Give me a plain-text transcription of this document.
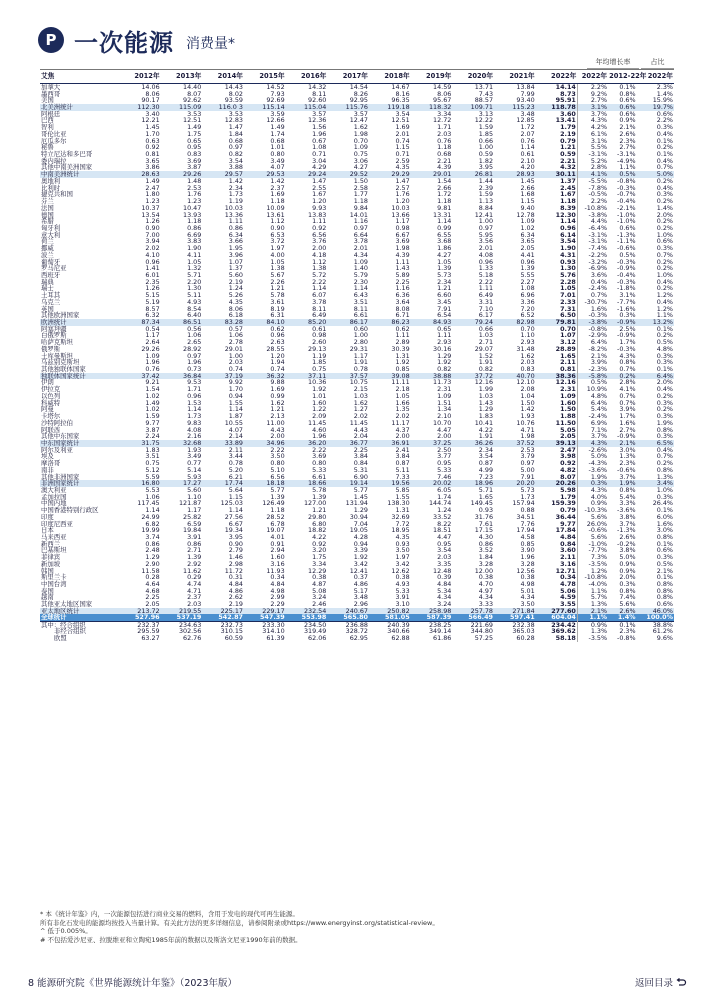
P 一次能源 消费量*
年均增长率	占比
艾焦	2012年	2013年	2014年	2015年	2016年	2017年	2018年	2019年	2020年	2021年	2022年	2022年	2012-22年	2022年
加拿大	14.06	14.40	14.43	14.52	14.32	14.54	14.67	14.59	13.71	13.84	14.14	2.2%	0.1%	2.3%
墨西哥	8.06	8.07	8.02	7.93	8.11	8.26	8.16	8.06	7.43	7.99	8.73	9.2%	0.8%	1.4%
美国	90.17	92.62	93.59	92.69	92.60	92.95	96.35	95.67	88.57	93.40	95.91	2.7%	0.6%	15.9%
北美洲统计	112.30	115.09	116.0 3	115.14	115.04	115.76	119.18	118.32	109.71	115.23	118.78	3.1%	0.6%	19.7%
阿根廷	3.40	3.53	3.53	3.59	3.57	3.57	3.54	3.34	3.13	3.48	3.60	3.7%	0.6%	0.6%
巴西	12.21	12.51	12.83	12.66	12.36	12.47	12.51	12.72	12.22	12.85	13.41	4.3%	0.9%	2.2%
智利	1.45	1.49	1.47	1.49	1.56	1.62	1.69	1.71	1.59	1.72	1.79	4.2%	2.1%	0.3%
哥伦比亚	1.70	1.75	1.84	1.74	1.96	1.98	2.01	2.03	1.85	2.07	2.19	6.1%	2.6%	0.4%
厄瓜多尔	0.63	0.65	0.68	0.68	0.67	0.70	0.74	0.76	0.66	0.76	0.79	3.1%	2.3%	0.1%
秘鲁	0.92	0.95	0.97	1.01	1.08	1.09	1.15	1.18	1.00	1.14	1.21	5.5%	2.7%	0.2%
特立尼达和多巴哥	0.81	0.83	0.82	0.80	0.71	0.75	0.71	0.68	0.59	0.61	0.59	-3.1%	-3.1%	0.1%
委内瑞拉	3.65	3.69	3.54	3.49	3.04	3.06	2.59	2.21	1.82	2.10	2.21	5.2%	-4.9%	0.4%
其他中南美洲国家	3.86	3.87	3.88	4.07	4.29	4.27	4.35	4.39	3.95	4.20	4.32	2.8%	1.1%	0.7%
中南美洲统计	28.63	29.26	29.57	29.53	29.24	29.52	29.29	29.01	26.81	28.93	30.11	4.1%	0.5%	5.0%
奥地利	1.49	1.48	1.42	1.42	1.47	1.50	1.47	1.54	1.44	1.45	1.37	-5.5%	-0.8%	0.2%
比利时	2.47	2.53	2.34	2.37	2.55	2.58	2.57	2.66	2.39	2.66	2.45	-7.8%	-0.3%	0.4%
捷克共和国	1.80	1.76	1.73	1.69	1.67	1.77	1.76	1.72	1.59	1.68	1.67	-0.5%	-0.7%	0.3%
芬兰	1.23	1.23	1.19	1.18	1.20	1.18	1.20	1.18	1.13	1.15	1.18	2.2%	-0.4%	0.2%
法国	10.37	10.47	10.03	10.09	9.93	9.84	10.03	9.81	8.84	9.40	8.39	-10.8%	-2.1%	1.4%
德国	13.54	13.93	13.36	13.61	13.83	14.01	13.66	13.31	12.41	12.78	12.30	-3.8%	-1.0%	2.0%
希腊	1.26	1.18	1.11	1.12	1.11	1.16	1.17	1.14	1.00	1.09	1.14	4.4%	-1.0%	0.2%
匈牙利	0.90	0.86	0.86	0.90	0.92	0.97	0.98	0.99	0.97	1.02	0.96	-6.4%	0.6%	0.2%
意大利	7.00	6.69	6.34	6.53	6.56	6.64	6.67	6.55	5.95	6.34	6.14	-3.1%	-1.3%	1.0%
荷兰	3.94	3.83	3.66	3.72	3.76	3.78	3.69	3.68	3.56	3.65	3.54	-3.1%	-1.1%	0.6%
挪威	2.02	1.90	1.95	1.97	2.00	2.01	1.98	1.86	2.01	2.05	1.90	-7.4%	-0.6%	0.3%
波兰	4.10	4.11	3.96	4.00	4.18	4.34	4.39	4.27	4.08	4.41	4.31	-2.2%	0.5%	0.7%
葡萄牙	0.96	1.05	1.07	1.05	1.12	1.09	1.11	1.05	0.96	0.96	0.93	-3.2%	-0.3%	0.2%
罗马尼亚	1.41	1.32	1.37	1.38	1.38	1.40	1.43	1.39	1.33	1.39	1.30	-6.9%	-0.9%	0.2%
西班牙	6.01	5.71	5.60	5.67	5.72	5.79	5.89	5.73	5.18	5.55	5.76	3.6%	-0.4%	1.0%
瑞典	2.35	2.20	2.19	2.26	2.22	2.30	2.25	2.34	2.22	2.27	2.28	0.4%	-0.3%	0.4%
瑞士	1.26	1.30	1.24	1.21	1.14	1.14	1.16	1.21	1.11	1.08	1.05	-2.4%	-1.8%	0.2%
土耳其	5.15	5.11	5.26	5.78	6.07	6.43	6.36	6.60	6.49	6.96	7.01	0.7%	3.1%	1.2%
乌克兰	5.19	4.93	4.35	3.61	3.78	3.51	3.64	3.45	3.31	3.36	2.33	-30.7%	-7.7%	0.4%
英国	8.57	8.54	8.06	8.19	8.11	8.11	8.08	7.91	7.10	7.20	7.31	1.6%	-1.6%	1.2%
其他欧洲国家	6.32	6.40	6.18	6.31	6.49	6.61	6.71	6.54	6.17	6.52	6.50	-0.3%	0.3%	1.1%
欧洲统计	87.34	86.51	83.28	84.10	85.20	86.17	86.23	84.93	79.24	82.98	79.81	-3.8%	-0.9%	13.2%
阿塞拜疆	0.54	0.56	0.57	0.62	0.61	0.60	0.62	0.65	0.66	0.70	0.70	-0.8%	2.5%	0.1%
白俄罗斯	1.17	1.06	1.06	0.96	0.98	1.00	1.11	1.11	1.03	1.10	1.07	-2.9%	-0.9%	0.2%
哈萨克斯坦	2.64	2.65	2.78	2.63	2.60	2.80	2.89	2.93	2.71	2.93	3.12	6.4%	1.7%	0.5%
俄罗斯	29.26	28.92	29.01	28.55	29.13	29.31	30.39	30.16	29.07	31.48	28.89	-8.2%	-0.3%	4.8%
土库曼斯坦	1.09	0.97	1.00	1.20	1.19	1.17	1.31	1.29	1.52	1.62	1.65	2.1%	4.3%	0.3%
乌兹别克斯坦	1.96	1.96	2.03	1.94	1.85	1.91	1.92	1.92	1.91	2.03	2.11	3.9%	0.8%	0.3%
其他独联体国家	0.76	0.73	0.74	0.74	0.75	0.78	0.85	0.82	0.82	0.83	0.81	-2.3%	0.7%	0.1%
独联体国家统计	37.42	36.84	37.19	36.32	37.11	37.57	39.08	38.88	37.72	40.70	38.36	-5.8%	0.2%	6.4%
伊朗	9.21	9.53	9.92	9.88	10.36	10.75	11.11	11.73	12.16	12.10	12.16	0.5%	2.8%	2.0%
伊拉克	1.54	1.71	1.70	1.69	1.92	2.15	2.18	2.31	1.99	2.08	2.31	10.9%	4.1%	0.4%
以色列	1.02	0.96	0.94	0.99	1.01	1.03	1.05	1.09	1.03	1.04	1.09	4.8%	0.7%	0.2%
科威特	1.49	1.53	1.55	1.62	1.60	1.62	1.66	1.51	1.43	1.50	1.60	6.4%	0.7%	0.3%
阿曼	1.02	1.14	1.14	1.21	1.22	1.27	1.35	1.34	1.29	1.42	1.50	5.4%	3.9%	0.2%
卡塔尔	1.59	1.73	1.87	2.13	2.09	2.02	2.02	2.10	1.83	1.93	1.88	-2.4%	1.7%	0.3%
沙特阿拉伯	9.77	9.83	10.55	11.00	11.45	11.45	11.17	10.70	10.41	10.76	11.50	6.9%	1.6%	1.9%
阿联酋	3.87	4.08	4.07	4.43	4.60	4.43	4.37	4.47	4.22	4.71	5.05	7.1%	2.7%	0.8%
其他中东国家	2.24	2.16	2.14	2.00	1.96	2.04	2.00	2.00	1.91	1.98	2.05	3.7%	-0.9%	0.3%
中东国家统计	31.75	32.68	33.89	34.96	36.20	36.77	36.91	37.25	36.26	37.52	39.13	4.3%	2.1%	6.5%
阿尔及利亚	1.83	1.93	2.11	2.22	2.22	2.25	2.41	2.50	2.34	2.53	2.47	-2.6%	3.0%	0.4%
埃及	3.51	3.49	3.44	3.50	3.69	3.84	3.84	3.77	3.54	3.79	3.98	5.0%	1.3%	0.7%
摩洛哥	0.75	0.77	0.78	0.80	0.80	0.84	0.87	0.95	0.87	0.97	0.92	-4.3%	2.3%	0.2%
南非	5.12	5.14	5.20	5.10	5.33	5.31	5.11	5.33	4.99	5.00	4.82	-3.6%	-0.6%	0.8%
其他非洲国家	5.59	5.93	6.21	6.56	6.61	6.90	7.33	7.46	7.23	7.91	8.07	1.9%	3.7%	1.3%
非洲国家统计	16.80	17.27	17.74	18.18	18.66	19.14	19.56	20.02	18.96	20.20	20.26	0.3%	1.9%	3.4%
澳大利亚	5.53	5.60	5.64	5.77	5.78	5.77	5.85	6.05	5.71	5.73	5.98	4.3%	0.8%	1.0%
孟加拉国	1.06	1.10	1.15	1.39	1.39	1.45	1.55	1.74	1.65	1.73	1.79	4.0%	5.4%	0.3%
中国内地	117.45	121.87	125.03	126.49	127.00	131.94	138.30	144.74	149.45	157.94	159.39	0.9%	3.3%	26.4%
中国香港特别行政区	1.14	1.17	1.14	1.18	1.21	1.29	1.31	1.24	0.93	0.88	0.79	-10.3%	-3.6%	0.1%
印度	24.99	25.82	27.56	28.52	29.80	30.94	32.69	33.52	31.76	34.51	36.44	5.6%	3.8%	6.0%
印度尼西亚	6.82	6.59	6.67	6.78	6.80	7.04	7.72	8.22	7.61	7.76	9.77	26.0%	3.7%	1.6%
日本	19.99	19.84	19.34	19.07	18.82	19.05	18.95	18.51	17.15	17.94	17.84	-0.6%	-1.3%	3.0%
马来西亚	3.74	3.91	3.95	4.01	4.22	4.28	4.35	4.47	4.30	4.58	4.84	5.6%	2.6%	0.8%
新西兰	0.86	0.86	0.90	0.91	0.92	0.94	0.93	0.95	0.86	0.85	0.84	-1.0%	-0.2%	0.1%
巴基斯坦	2.48	2.71	2.79	2.94	3.20	3.39	3.50	3.54	3.52	3.90	3.60	-7.7%	3.8%	0.6%
菲律宾	1.29	1.39	1.46	1.60	1.75	1.92	1.97	2.03	1.84	1.96	2.11	7.3%	5.0%	0.3%
新加坡	2.90	2.92	2.98	3.16	3.34	3.42	3.42	3.35	3.28	3.28	3.16	-3.5%	0.9%	0.5%
韩国	11.58	11.62	11.72	11.93	12.29	12.41	12.62	12.48	12.00	12.56	12.71	1.2%	0.9%	2.1%
斯里兰卡	0.28	0.29	0.31	0.34	0.38	0.37	0.38	0.39	0.38	0.38	0.34	-10.8%	2.0%	0.1%
中国台湾	4.64	4.74	4.84	4.84	4.87	4.86	4.93	4.84	4.70	4.98	4.78	-4.0%	0.3%	0.8%
泰国	4.68	4.71	4.86	4.98	5.08	5.17	5.33	5.34	4.97	5.01	5.06	1.1%	0.8%	0.8%
越南	2.25	2.37	2.62	2.99	3.24	3.48	3.91	4.34	4.34	4.34	4.59	5.7%	7.4%	0.8%
其他亚太地区国家	2.05	2.03	2.19	2.29	2.46	2.96	3.10	3.24	3.33	3.50	3.55	1.3%	5.6%	0.6%
亚太地区统计	213.72	219.55	225.17	229.17	232.54	240.67	250.82	258.98	257.78	271.84	277.60	2.1%	2.6%	46.0%
全球统计	527.96	537.19	542.87	547.39	553.98	565.80	581.05	587.39	566.49	597.41	604.04	1.1%	1.4%	100.0%
其中：经合组织	232.37	234.63	232.73	233.30	234.50	236.88	240.39	238.25	221.69	232.38	234.42	0.9%	0.1%	38.8%
非经合组织	295.59	302.56	310.15	314.10	319.49	328.72	340.66	349.14	344.80	365.03	369.62	1.3%	2.3%	61.2%
欧盟	63.27	62.76	60.59	61.39	62.06	62.95	62.88	61.86	57.25	60.28	58.18	-3.5%	-0.8%	9.6%
* 本《统计年鉴》内，一次能源包括进行商业交易的燃料，含用于发电的现代可再生能源。
所有非化石发电的能源均按投入当量计算。有关此方法的更多详细信息，请参阅附录或https://www.energyinst.org/statistical-review。
^ 低于0.005%。
# 不包括爱沙尼亚、拉脱维亚和立陶宛1985年前的数据以及斯洛文尼亚1990年前的数据。
8 能源研究院《世界能源统计年鉴》（2023年版）	返回目录
